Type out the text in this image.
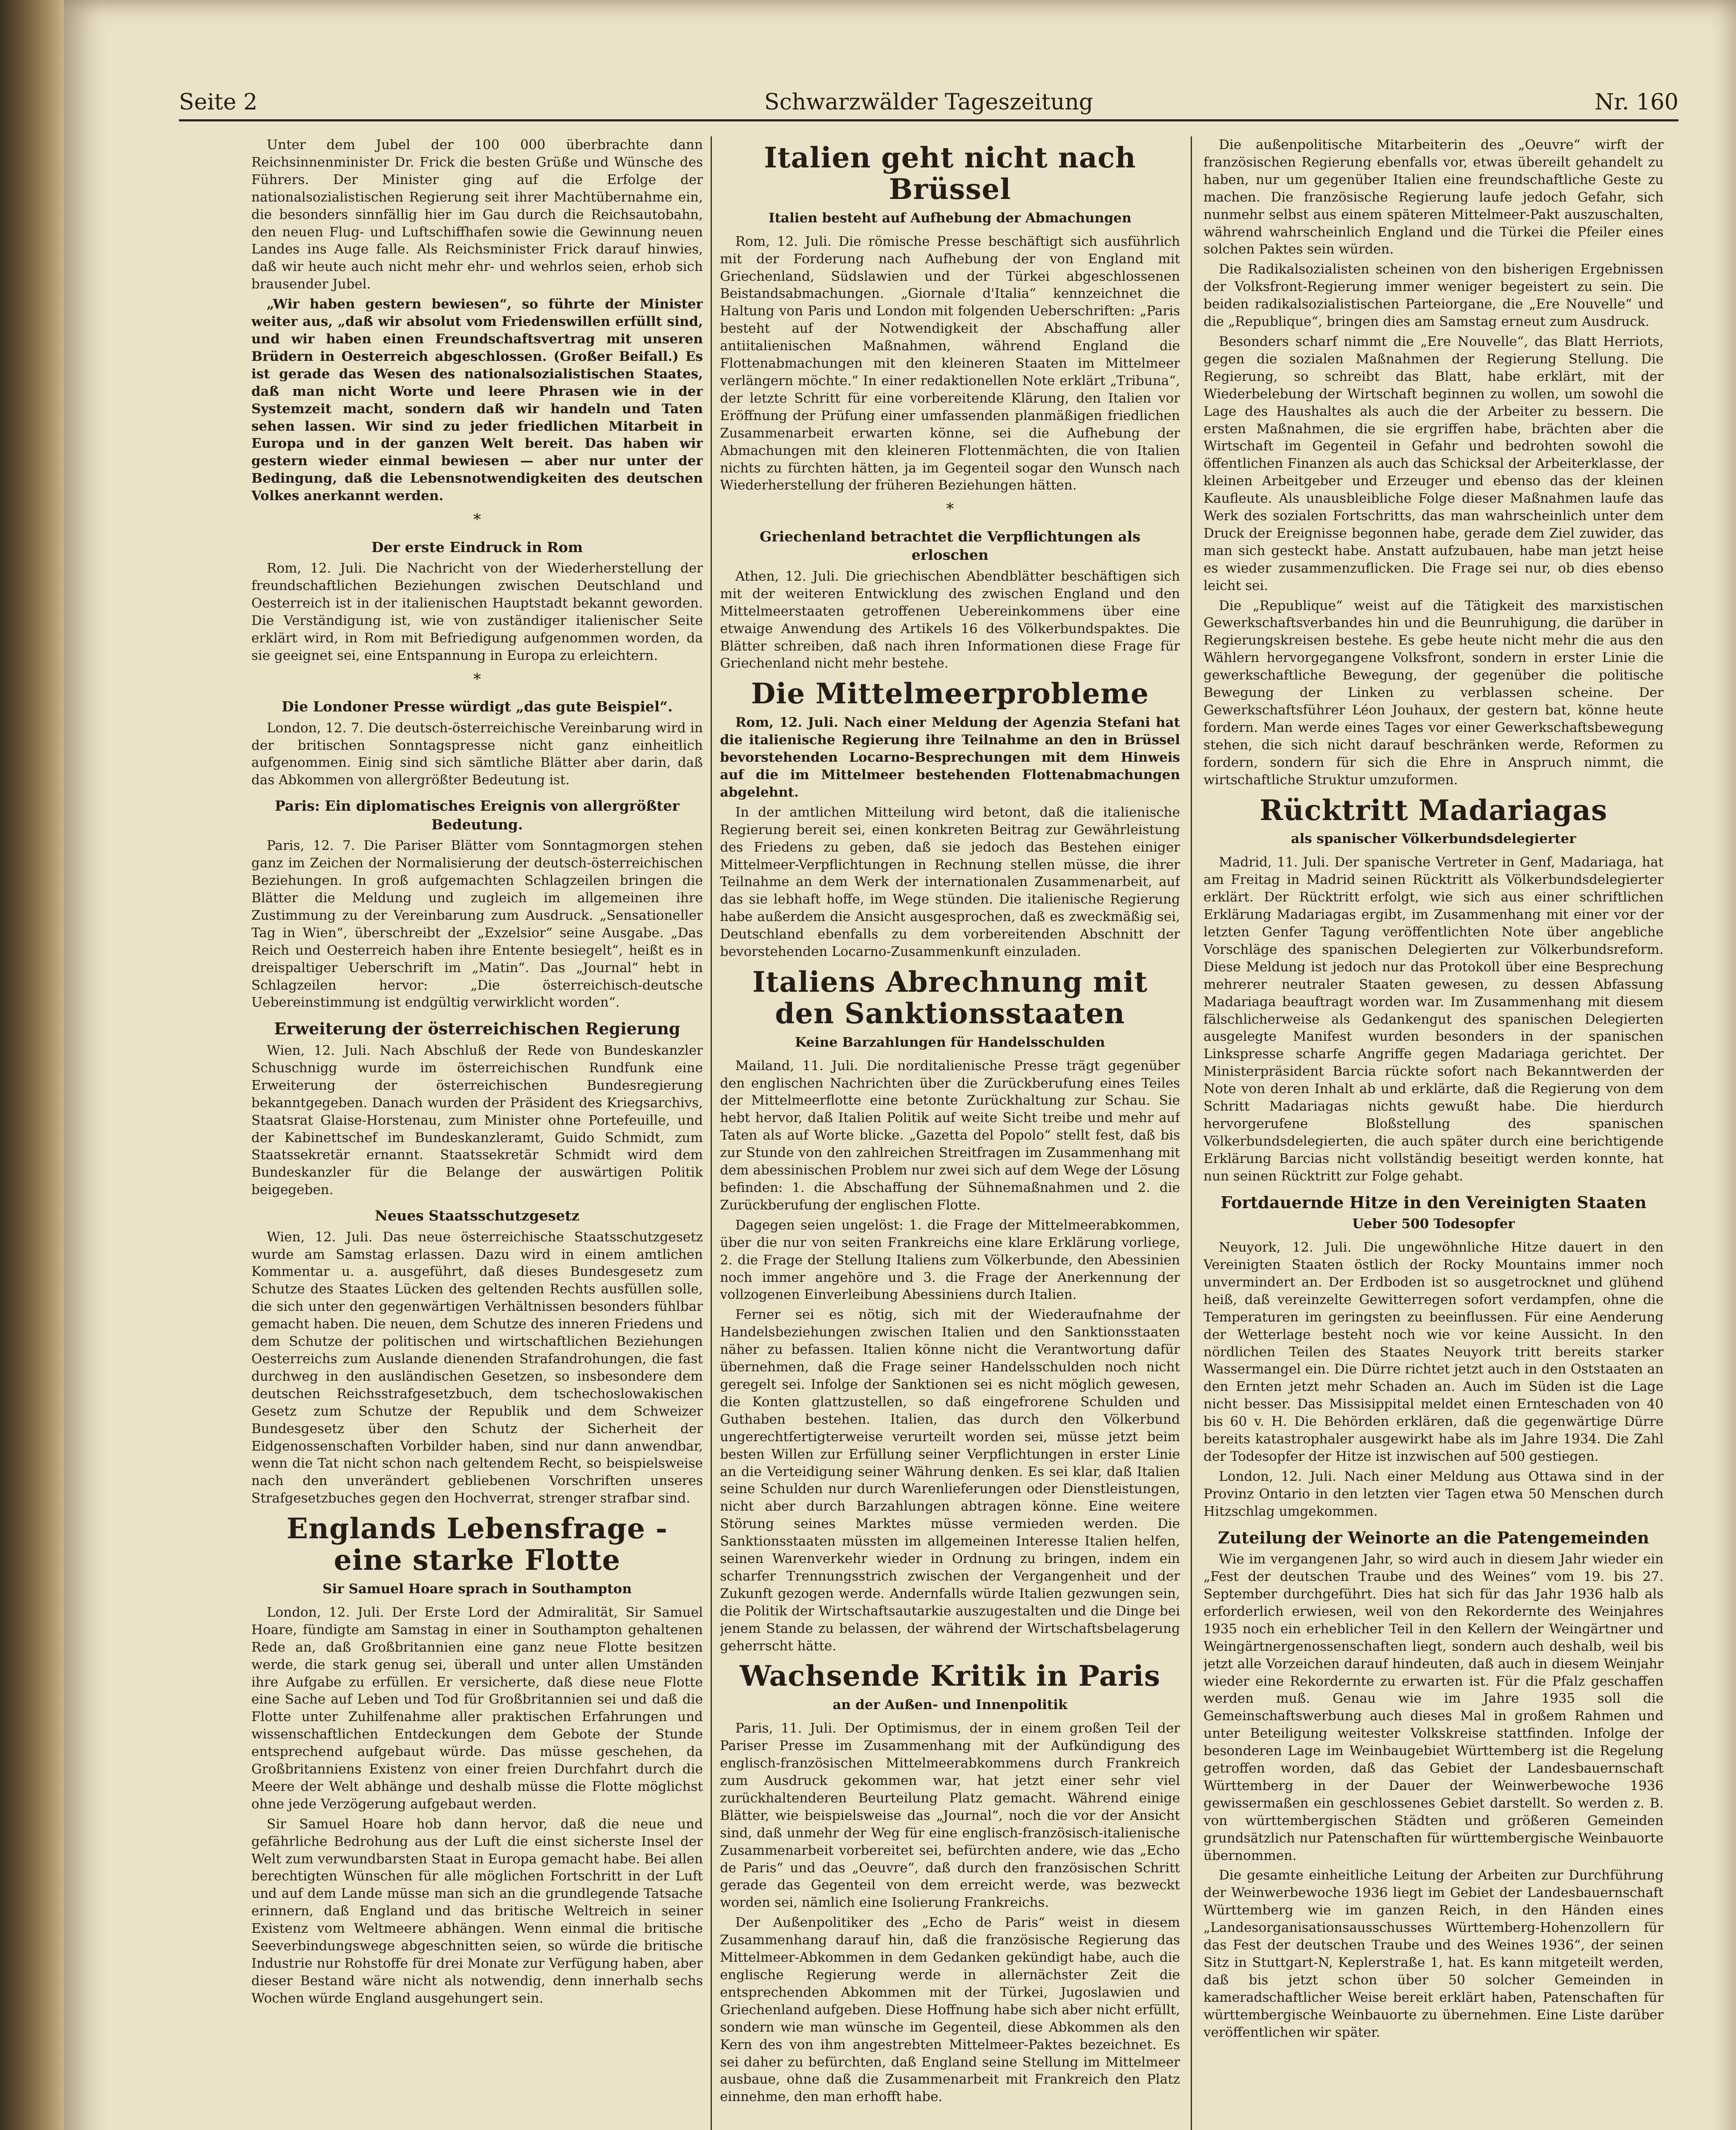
Seite 2	Schwarzwälder Tageszeitung	Nr. 160

Unter dem Jubel der 100 000 überbrachte dann Reichsinnenminister Dr. Frick die besten Grüße und Wünsche des Führers. Der Minister ging auf die Erfolge der nationalsozialistischen Regierung seit ihrer Machtübernahme ein, die besonders sinnfällig hier im Gau durch die Reichsautobahn, den neuen Flug- und Luftschiffhafen sowie die Gewinnung neuen Landes ins Auge falle. Als Reichsminister Frick darauf hinwies, daß wir heute auch nicht mehr ehr- und wehrlos seien, erhob sich brausender Jubel.

„Wir haben gestern bewiesen“, so führte der Minister weiter aus, „daß wir absolut vom Friedenswillen erfüllt sind, und wir haben einen Freundschaftsvertrag mit unseren Brüdern in Oesterreich abgeschlossen. (Großer Beifall.) Es ist gerade das Wesen des nationalsozialistischen Staates, daß man nicht Worte und leere Phrasen wie in der Systemzeit macht, sondern daß wir handeln und Taten sehen lassen. Wir sind zu jeder friedlichen Mitarbeit in Europa und in der ganzen Welt bereit. Das haben wir gestern wieder einmal bewiesen — aber nur unter der Bedingung, daß die Lebensnotwendigkeiten des deutschen Volkes anerkannt werden.

*
Der erste Eindruck in Rom

Rom, 12. Juli. Die Nachricht von der Wiederherstellung der freundschaftlichen Beziehungen zwischen Deutschland und Oesterreich ist in der italienischen Hauptstadt bekannt geworden. Die Verständigung ist, wie von zuständiger italienischer Seite erklärt wird, in Rom mit Befriedigung aufgenommen worden, da sie geeignet sei, eine Entspannung in Europa zu erleichtern.

*
Die Londoner Presse würdigt „das gute Beispiel“.

London, 12. 7. Die deutsch-österreichische Vereinbarung wird in der britischen Sonntagspresse nicht ganz einheitlich aufgenommen. Einig sind sich sämtliche Blätter aber darin, daß das Abkommen von allergrößter Bedeutung ist.

Paris: Ein diplomatisches Ereignis von allergrößter Bedeutung.

Paris, 12. 7. Die Pariser Blätter vom Sonntagmorgen stehen ganz im Zeichen der Normalisierung der deutsch-österreichischen Beziehungen. In groß aufgemachten Schlagzeilen bringen die Blätter die Meldung und zugleich im allgemeinen ihre Zustimmung zu der Vereinbarung zum Ausdruck. „Sensationeller Tag in Wien“, überschreibt der „Exzelsior“ seine Ausgabe. „Das Reich und Oesterreich haben ihre Entente besiegelt“, heißt es in dreispaltiger Ueberschrift im „Matin“. Das „Journal“ hebt in Schlagzeilen hervor: „Die österreichisch-deutsche Uebereinstimmung ist endgültig verwirklicht worden“.

Erweiterung der österreichischen Regierung

Wien, 12. Juli. Nach Abschluß der Rede von Bundeskanzler Schuschnigg wurde im österreichischen Rundfunk eine Erweiterung der österreichischen Bundesregierung bekanntgegeben. Danach wurden der Präsident des Kriegsarchivs, Staatsrat Glaise-Horstenau, zum Minister ohne Portefeuille, und der Kabinettschef im Bundeskanzleramt, Guido Schmidt, zum Staatssekretär ernannt. Staatssekretär Schmidt wird dem Bundeskanzler für die Belange der auswärtigen Politik beigegeben.

Neues Staatsschutzgesetz

Wien, 12. Juli. Das neue österreichische Staatsschutzgesetz wurde am Samstag erlassen. Dazu wird in einem amtlichen Kommentar u. a. ausgeführt, daß dieses Bundesgesetz zum Schutze des Staates Lücken des geltenden Rechts ausfüllen solle, die sich unter den gegenwärtigen Verhältnissen besonders fühlbar gemacht haben. Die neuen, dem Schutze des inneren Friedens und dem Schutze der politischen und wirtschaftlichen Beziehungen Oesterreichs zum Auslande dienenden Strafandrohungen, die fast durchweg in den ausländischen Gesetzen, so insbesondere dem deutschen Reichsstrafgesetzbuch, dem tschechoslowakischen Gesetz zum Schutze der Republik und dem Schweizer Bundesgesetz über den Schutz der Sicherheit der Eidgenossenschaften Vorbilder haben, sind nur dann anwendbar, wenn die Tat nicht schon nach geltendem Recht, so beispielsweise nach den unverändert gebliebenen Vorschriften unseres Strafgesetzbuches gegen den Hochverrat, strenger strafbar sind.

Englands Lebensfrage - eine starke Flotte
Sir Samuel Hoare sprach in Southampton

London, 12. Juli. Der Erste Lord der Admiralität, Sir Samuel Hoare, fündigte am Samstag in einer in Southampton gehaltenen Rede an, daß Großbritannien eine ganz neue Flotte besitzen werde, die stark genug sei, überall und unter allen Umständen ihre Aufgabe zu erfüllen. Er versicherte, daß diese neue Flotte eine Sache auf Leben und Tod für Großbritannien sei und daß die Flotte unter Zuhilfenahme aller praktischen Erfahrungen und wissenschaftlichen Entdeckungen dem Gebote der Stunde entsprechend aufgebaut würde. Das müsse geschehen, da Großbritanniens Existenz von einer freien Durchfahrt durch die Meere der Welt abhänge und deshalb müsse die Flotte möglichst ohne jede Verzögerung aufgebaut werden.

Sir Samuel Hoare hob dann hervor, daß die neue und gefährliche Bedrohung aus der Luft die einst sicherste Insel der Welt zum verwundbarsten Staat in Europa gemacht habe. Bei allen berechtigten Wünschen für alle möglichen Fortschritt in der Luft und auf dem Lande müsse man sich an die grundlegende Tatsache erinnern, daß England und das britische Weltreich in seiner Existenz vom Weltmeere abhängen. Wenn einmal die britische Seeverbindungswege abgeschnitten seien, so würde die britische Industrie nur Rohstoffe für drei Monate zur Verfügung haben, aber dieser Bestand wäre nicht als notwendig, denn innerhalb sechs Wochen würde England ausgehungert sein.

Italien geht nicht nach Brüssel
Italien besteht auf Aufhebung der Abmachungen

Rom, 12. Juli. Die römische Presse beschäftigt sich ausführlich mit der Forderung nach Aufhebung der von England mit Griechenland, Südslawien und der Türkei abgeschlossenen Beistandsabmachungen. „Giornale d'Italia“ kennzeichnet die Haltung von Paris und London mit folgenden Ueberschriften: „Paris besteht auf der Notwendigkeit der Abschaffung aller antiitalienischen Maßnahmen, während England die Flottenabmachungen mit den kleineren Staaten im Mittelmeer verlängern möchte.“ In einer redaktionellen Note erklärt „Tribuna“, der letzte Schritt für eine vorbereitende Klärung, den Italien vor Eröffnung der Prüfung einer umfassenden planmäßigen friedlichen Zusammenarbeit erwarten könne, sei die Aufhebung der Abmachungen mit den kleineren Flottenmächten, die von Italien nichts zu fürchten hätten, ja im Gegenteil sogar den Wunsch nach Wiederherstellung der früheren Beziehungen hätten.

*
Griechenland betrachtet die Verpflichtungen als erloschen

Athen, 12. Juli. Die griechischen Abendblätter beschäftigen sich mit der weiteren Entwicklung des zwischen England und den Mittelmeerstaaten getroffenen Uebereinkommens über eine etwaige Anwendung des Artikels 16 des Völkerbundspaktes. Die Blätter schreiben, daß nach ihren Informationen diese Frage für Griechenland nicht mehr bestehe.

Die Mittelmeerprobleme

Rom, 12. Juli. Nach einer Meldung der Agenzia Stefani hat die italienische Regierung ihre Teilnahme an den in Brüssel bevorstehenden Locarno-Besprechungen mit dem Hinweis auf die im Mittelmeer bestehenden Flottenabmachungen abgelehnt.

In der amtlichen Mitteilung wird betont, daß die italienische Regierung bereit sei, einen konkreten Beitrag zur Gewährleistung des Friedens zu geben, daß sie jedoch das Bestehen einiger Mittelmeer-Verpflichtungen in Rechnung stellen müsse, die ihrer Teilnahme an dem Werk der internationalen Zusammenarbeit, auf das sie lebhaft hoffe, im Wege stünden. Die italienische Regierung habe außerdem die Ansicht ausgesprochen, daß es zweckmäßig sei, Deutschland ebenfalls zu dem vorbereitenden Abschnitt der bevorstehenden Locarno-Zusammenkunft einzuladen.

Italiens Abrechnung mit den Sanktionsstaaten
Keine Barzahlungen für Handelsschulden

Mailand, 11. Juli. Die norditalienische Presse trägt gegenüber den englischen Nachrichten über die Zurückberufung eines Teiles der Mittelmeerflotte eine betonte Zurückhaltung zur Schau. Sie hebt hervor, daß Italien Politik auf weite Sicht treibe und mehr auf Taten als auf Worte blicke. „Gazetta del Popolo“ stellt fest, daß bis zur Stunde von den zahlreichen Streitfragen im Zusammenhang mit dem abessinischen Problem nur zwei sich auf dem Wege der Lösung befinden: 1. die Abschaffung der Sühnemaßnahmen und 2. die Zurückberufung der englischen Flotte.

Dagegen seien ungelöst: 1. die Frage der Mittelmeerabkommen, über die nur von seiten Frankreichs eine klare Erklärung vorliege, 2. die Frage der Stellung Italiens zum Völkerbunde, den Abessinien noch immer angehöre und 3. die Frage der Anerkennung der vollzogenen Einverleibung Abessiniens durch Italien.

Ferner sei es nötig, sich mit der Wiederaufnahme der Handelsbeziehungen zwischen Italien und den Sanktionsstaaten näher zu befassen. Italien könne nicht die Verantwortung dafür übernehmen, daß die Frage seiner Handelsschulden noch nicht geregelt sei. Infolge der Sanktionen sei es nicht möglich gewesen, die Konten glattzustellen, so daß eingefrorene Schulden und Guthaben bestehen. Italien, das durch den Völkerbund ungerechtfertigterweise verurteilt worden sei, müsse jetzt beim besten Willen zur Erfüllung seiner Verpflichtungen in erster Linie an die Verteidigung seiner Währung denken. Es sei klar, daß Italien seine Schulden nur durch Warenlieferungen oder Dienstleistungen, nicht aber durch Barzahlungen abtragen könne. Eine weitere Störung seines Marktes müsse vermieden werden. Die Sanktionsstaaten müssten im allgemeinen Interesse Italien helfen, seinen Warenverkehr wieder in Ordnung zu bringen, indem ein scharfer Trennungsstrich zwischen der Vergangenheit und der Zukunft gezogen werde. Andernfalls würde Italien gezwungen sein, die Politik der Wirtschaftsautarkie auszugestalten und die Dinge bei jenem Stande zu belassen, der während der Wirtschaftsbelagerung geherrscht hätte.

Wachsende Kritik in Paris
an der Außen- und Innenpolitik

Paris, 11. Juli. Der Optimismus, der in einem großen Teil der Pariser Presse im Zusammenhang mit der Aufkündigung des englisch-französischen Mittelmeerabkommens durch Frankreich zum Ausdruck gekommen war, hat jetzt einer sehr viel zurückhaltenderen Beurteilung Platz gemacht. Während einige Blätter, wie beispielsweise das „Journal“, noch die vor der Ansicht sind, daß unmehr der Weg für eine englisch-französisch-italienische Zusammenarbeit vorbereitet sei, befürchten andere, wie das „Echo de Paris“ und das „Oeuvre“, daß durch den französischen Schritt gerade das Gegenteil von dem erreicht werde, was bezweckt worden sei, nämlich eine Isolierung Frankreichs.

Der Außenpolitiker des „Echo de Paris“ weist in diesem Zusammenhang darauf hin, daß die französische Regierung das Mittelmeer-Abkommen in dem Gedanken gekündigt habe, auch die englische Regierung werde in allernächster Zeit die entsprechenden Abkommen mit der Türkei, Jugoslawien und Griechenland aufgeben. Diese Hoffnung habe sich aber nicht erfüllt, sondern wie man wünsche im Gegenteil, diese Abkommen als den Kern des von ihm angestrebten Mittelmeer-Paktes bezeichnet. Es sei daher zu befürchten, daß England seine Stellung im Mittelmeer ausbaue, ohne daß die Zusammenarbeit mit Frankreich den Platz einnehme, den man erhofft habe.

Die außenpolitische Mitarbeiterin des „Oeuvre“ wirft der französischen Regierung ebenfalls vor, etwas übereilt gehandelt zu haben, nur um gegenüber Italien eine freundschaftliche Geste zu machen. Die französische Regierung laufe jedoch Gefahr, sich nunmehr selbst aus einem späteren Mittelmeer-Pakt auszuschalten, während wahrscheinlich England und die Türkei die Pfeiler eines solchen Paktes sein würden.

Die Radikalsozialisten scheinen von den bisherigen Ergebnissen der Volksfront-Regierung immer weniger begeistert zu sein. Die beiden radikalsozialistischen Parteiorgane, die „Ere Nouvelle“ und die „Republique“, bringen dies am Samstag erneut zum Ausdruck.

Besonders scharf nimmt die „Ere Nouvelle“, das Blatt Herriots, gegen die sozialen Maßnahmen der Regierung Stellung. Die Regierung, so schreibt das Blatt, habe erklärt, mit der Wiederbelebung der Wirtschaft beginnen zu wollen, um sowohl die Lage des Haushaltes als auch die der Arbeiter zu bessern. Die ersten Maßnahmen, die sie ergriffen habe, brächten aber die Wirtschaft im Gegenteil in Gefahr und bedrohten sowohl die öffentlichen Finanzen als auch das Schicksal der Arbeiterklasse, der kleinen Arbeitgeber und Erzeuger und ebenso das der kleinen Kaufleute. Als unausbleibliche Folge dieser Maßnahmen laufe das Werk des sozialen Fortschritts, das man wahrscheinlich unter dem Druck der Ereignisse begonnen habe, gerade dem Ziel zuwider, das man sich gesteckt habe. Anstatt aufzubauen, habe man jetzt heise es wieder zusammenzuflicken. Die Frage sei nur, ob dies ebenso leicht sei.

Die „Republique“ weist auf die Tätigkeit des marxistischen Gewerkschaftsverbandes hin und die Beunruhigung, die darüber in Regierungskreisen bestehe. Es gebe heute nicht mehr die aus den Wählern hervorgegangene Volksfront, sondern in erster Linie die gewerkschaftliche Bewegung, der gegenüber die politische Bewegung der Linken zu verblassen scheine. Der Gewerkschaftsführer Léon Jouhaux, der gestern bat, könne heute fordern. Man werde eines Tages vor einer Gewerkschaftsbewegung stehen, die sich nicht darauf beschränken werde, Reformen zu fordern, sondern für sich die Ehre in Anspruch nimmt, die wirtschaftliche Struktur umzuformen.

Rücktritt Madariagas
als spanischer Völkerbundsdelegierter

Madrid, 11. Juli. Der spanische Vertreter in Genf, Madariaga, hat am Freitag in Madrid seinen Rücktritt als Völkerbundsdelegierter erklärt. Der Rücktritt erfolgt, wie sich aus einer schriftlichen Erklärung Madariagas ergibt, im Zusammenhang mit einer vor der letzten Genfer Tagung veröffentlichten Note über angebliche Vorschläge des spanischen Delegierten zur Völkerbundsreform. Diese Meldung ist jedoch nur das Protokoll über eine Besprechung mehrerer neutraler Staaten gewesen, zu dessen Abfassung Madariaga beauftragt worden war. Im Zusammenhang mit diesem fälschlicherweise als Gedankengut des spanischen Delegierten ausgelegte Manifest wurden besonders in der spanischen Linkspresse scharfe Angriffe gegen Madariaga gerichtet. Der Ministerpräsident Barcia rückte sofort nach Bekanntwerden der Note von deren Inhalt ab und erklärte, daß die Regierung von dem Schritt Madariagas nichts gewußt habe. Die hierdurch hervorgerufene Bloßstellung des spanischen Völkerbundsdelegierten, die auch später durch eine berichtigende Erklärung Barcias nicht vollständig beseitigt werden konnte, hat nun seinen Rücktritt zur Folge gehabt.

Fortdauernde Hitze in den Vereinigten Staaten
Ueber 500 Todesopfer

Neuyork, 12. Juli. Die ungewöhnliche Hitze dauert in den Vereinigten Staaten östlich der Rocky Mountains immer noch unvermindert an. Der Erdboden ist so ausgetrocknet und glühend heiß, daß vereinzelte Gewitterregen sofort verdampfen, ohne die Temperaturen im geringsten zu beeinflussen. Für eine Aenderung der Wetterlage besteht noch wie vor keine Aussicht. In den nördlichen Teilen des Staates Neuyork tritt bereits starker Wassermangel ein. Die Dürre richtet jetzt auch in den Oststaaten an den Ernten jetzt mehr Schaden an. Auch im Süden ist die Lage nicht besser. Das Missisippital meldet einen Ernteschaden von 40 bis 60 v. H. Die Behörden erklären, daß die gegenwärtige Dürre bereits katastrophaler ausgewirkt habe als im Jahre 1934. Die Zahl der Todesopfer der Hitze ist inzwischen auf 500 gestiegen.

London, 12. Juli. Nach einer Meldung aus Ottawa sind in der Provinz Ontario in den letzten vier Tagen etwa 50 Menschen durch Hitzschlag umgekommen.

Zuteilung der Weinorte an die Patengemeinden

Wie im vergangenen Jahr, so wird auch in diesem Jahr wieder ein „Fest der deutschen Traube und des Weines“ vom 19. bis 27. September durchgeführt. Dies hat sich für das Jahr 1936 halb als erforderlich erwiesen, weil von den Rekordernte des Weinjahres 1935 noch ein erheblicher Teil in den Kellern der Weingärtner und Weingärtnergenossenschaften liegt, sondern auch deshalb, weil bis jetzt alle Vorzeichen darauf hindeuten, daß auch in diesem Weinjahr wieder eine Rekordernte zu erwarten ist. Für die Pfalz geschaffen werden muß. Genau wie im Jahre 1935 soll die Gemeinschaftswerbung auch dieses Mal in großem Rahmen und unter Beteiligung weitester Volkskreise stattfinden. Infolge der besonderen Lage im Weinbaugebiet Württemberg ist die Regelung getroffen worden, daß das Gebiet der Landesbauernschaft Württemberg in der Dauer der Weinwerbewoche 1936 gewissermaßen ein geschlossenes Gebiet darstellt. So werden z. B. von württembergischen Städten und größeren Gemeinden grundsätzlich nur Patenschaften für württembergische Weinbauorte übernommen.

Die gesamte einheitliche Leitung der Arbeiten zur Durchführung der Weinwerbewoche 1936 liegt im Gebiet der Landesbauernschaft Württemberg wie im ganzen Reich, in den Händen eines „Landesorganisationsausschusses Württemberg-Hohenzollern für das Fest der deutschen Traube und des Weines 1936“, der seinen Sitz in Stuttgart-N, Keplerstraße 1, hat. Es kann mitgeteilt werden, daß bis jetzt schon über 50 solcher Gemeinden in kameradschaftlicher Weise bereit erklärt haben, Patenschaften für württembergische Weinbauorte zu übernehmen. Eine Liste darüber veröffentlichen wir später.
